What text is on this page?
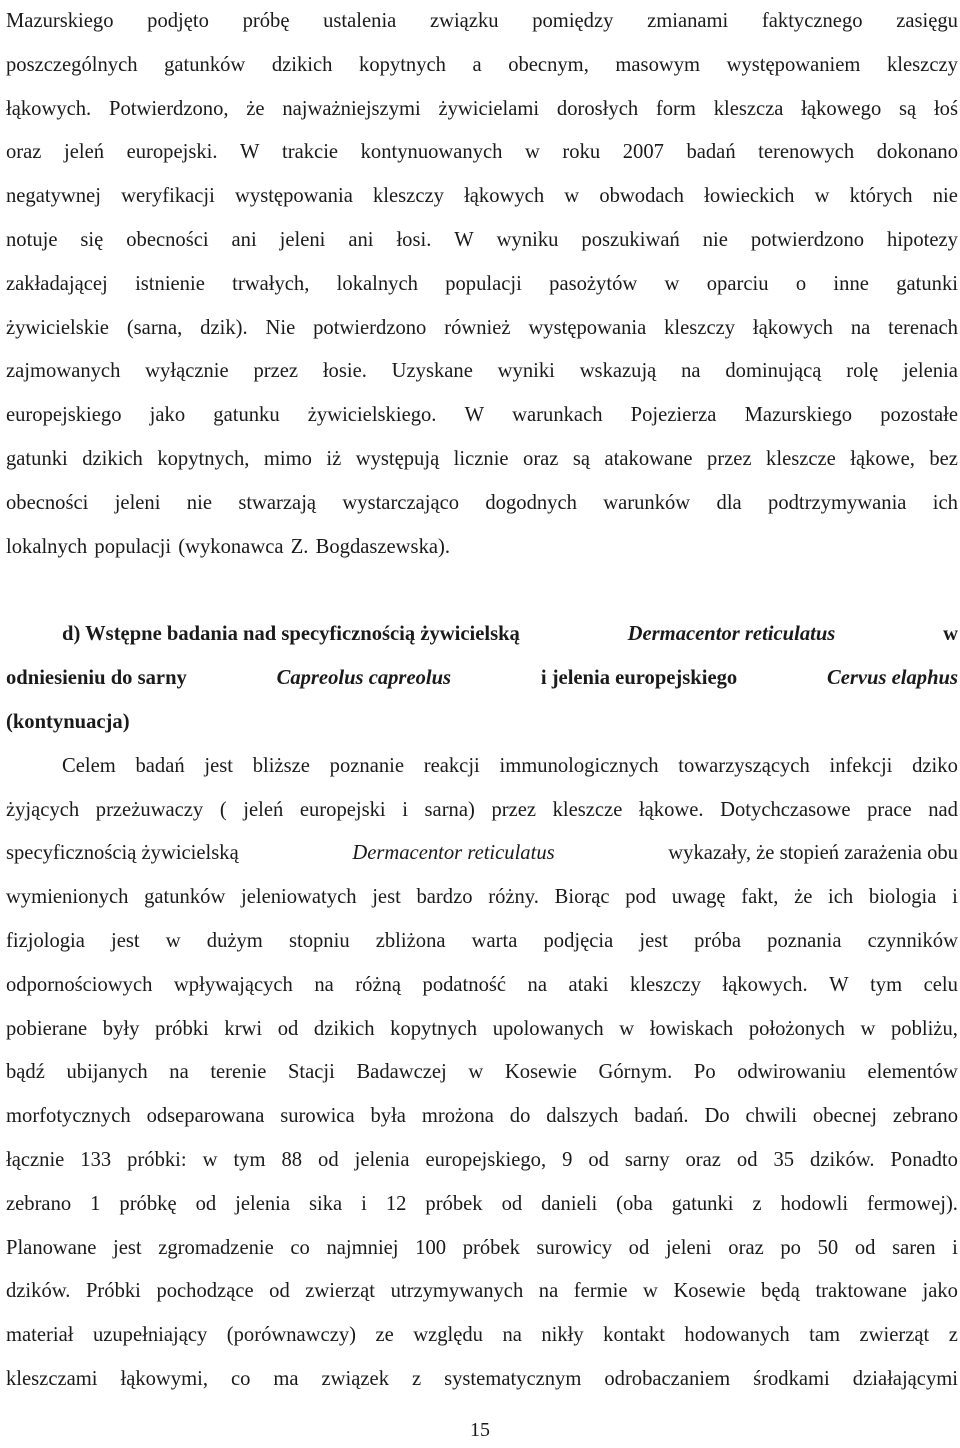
Mazurskiego podjęto próbę ustalenia związku pomiędzy zmianami faktycznego zasięgu
poszczególnych gatunków dzikich kopytnych a obecnym, masowym występowaniem kleszczy
łąkowych. Potwierdzono, że najważniejszymi żywicielami dorosłych form kleszcza łąkowego są łoś
oraz jeleń europejski. W trakcie kontynuowanych w roku 2007 badań terenowych dokonano
negatywnej weryfikacji występowania kleszczy łąkowych w obwodach łowieckich w których nie
notuje się obecności ani jeleni ani łosi. W wyniku poszukiwań nie potwierdzono hipotezy
zakładającej istnienie trwałych, lokalnych populacji pasożytów w oparciu o inne gatunki
żywicielskie (sarna, dzik). Nie potwierdzono również występowania kleszczy łąkowych na terenach
zajmowanych wyłącznie przez łosie. Uzyskane wyniki wskazują na dominującą rolę jelenia
europejskiego jako gatunku żywicielskiego. W warunkach Pojezierza Mazurskiego pozostałe
gatunki dzikich kopytnych, mimo iż występują licznie oraz są atakowane przez kleszcze łąkowe, bez
obecności jeleni nie stwarzają wystarczająco dogodnych warunków dla podtrzymywania ich
lokalnych populacji (wykonawca Z. Bogdaszewska).
d) Wstępne badania nad specyficznością żywicielską	Dermacentor reticulatus	w
odniesieniu do sarny	Capreolus capreolus	i jelenia europejskiego	Cervus elaphus
(kontynuacja)
Celem badań jest bliższe poznanie reakcji immunologicznych towarzyszących infekcji dziko
żyjących przeżuwaczy ( jeleń europejski i sarna) przez kleszcze łąkowe. Dotychczasowe prace nad
specyficznością żywicielską	Dermacentor reticulatus	wykazały, że stopień zarażenia obu
wymienionych gatunków jeleniowatych jest bardzo różny. Biorąc pod uwagę fakt, że ich biologia i
fizjologia jest w dużym stopniu zbliżona warta podjęcia jest próba poznania czynników
odpornościowych wpływających na różną podatność na ataki kleszczy łąkowych. W tym celu
pobierane były próbki krwi od dzikich kopytnych upolowanych w łowiskach położonych w pobliżu,
bądź ubijanych na terenie Stacji Badawczej w Kosewie Górnym. Po odwirowaniu elementów
morfotycznych odseparowana surowica była mrożona do dalszych badań. Do chwili obecnej zebrano
łącznie 133 próbki: w tym 88 od jelenia europejskiego, 9 od sarny oraz od 35 dzików. Ponadto
zebrano 1 próbkę od jelenia sika i 12 próbek od danieli (oba gatunki z hodowli fermowej).
Planowane jest zgromadzenie co najmniej 100 próbek surowicy od jeleni oraz po 50 od saren i
dzików. Próbki pochodzące od zwierząt utrzymywanych na fermie w Kosewie będą traktowane jako
materiał uzupełniający (porównawczy) ze względu na nikły kontakt hodowanych tam zwierząt z
kleszczami łąkowymi, co ma związek z systematycznym odrobaczaniem środkami działającymi
15
